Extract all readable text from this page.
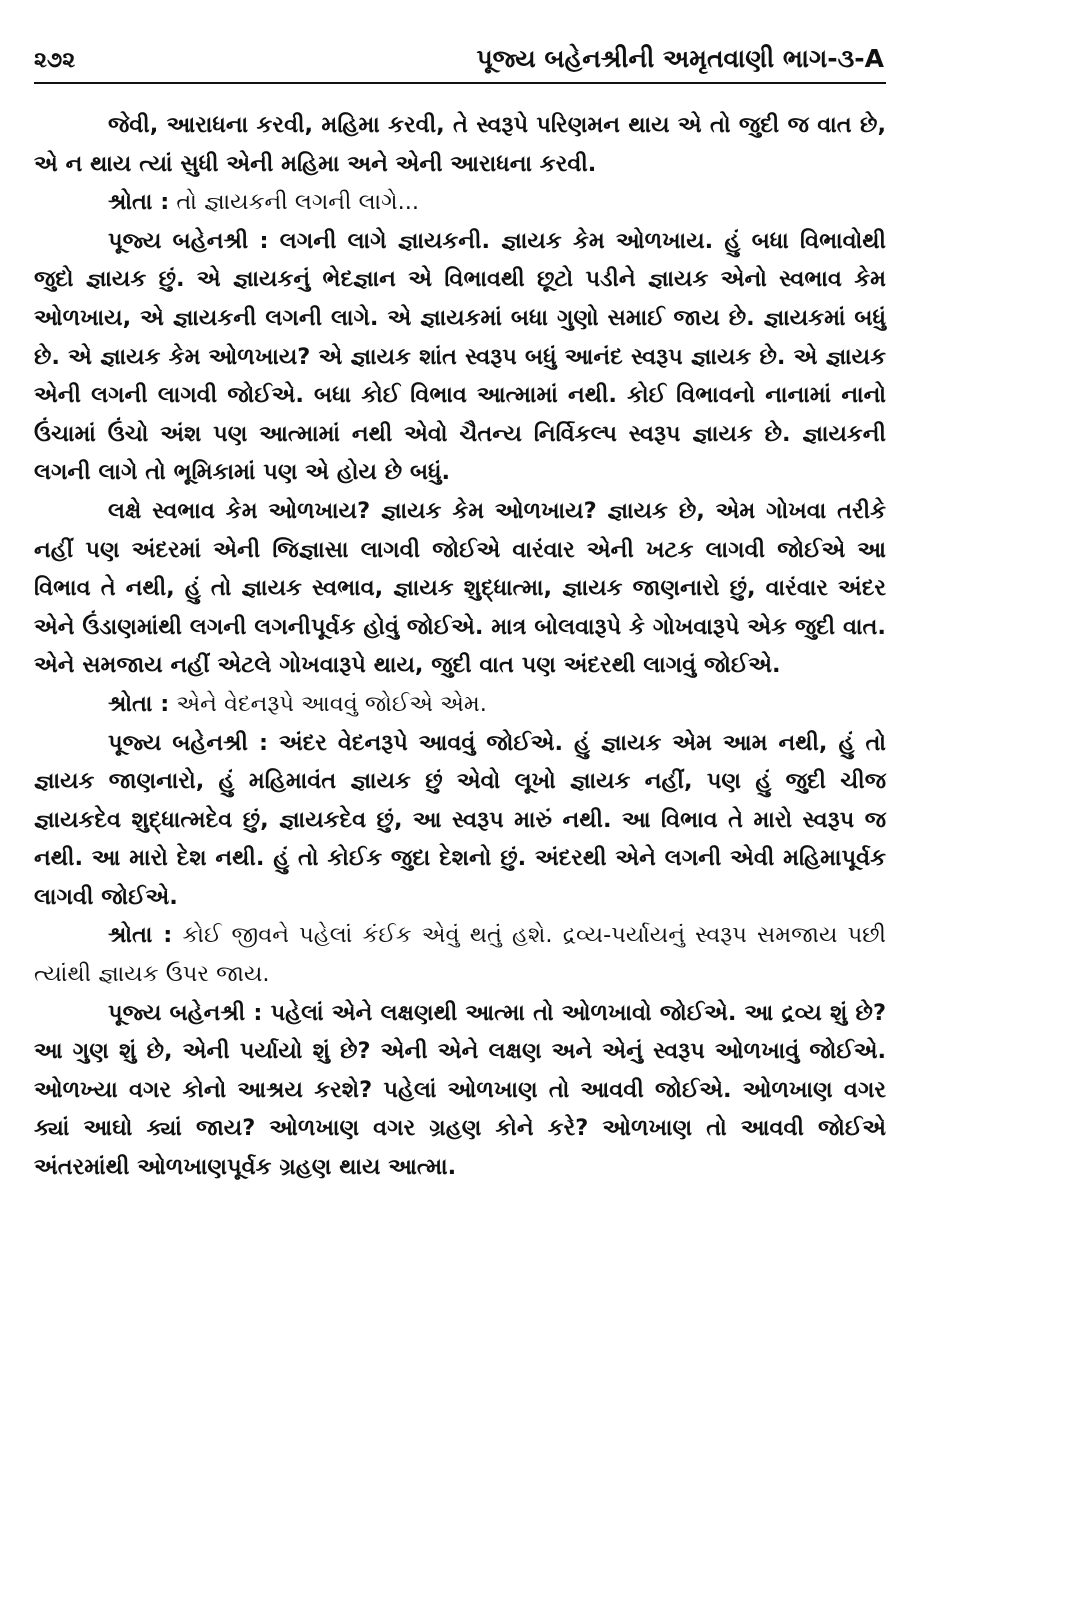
૨૭૨	પૂજ્ય બહેનશ્રીની અમૃતવાણી ભાગ-૩-A

જેવી, આરાધના કરવી, મહિમા કરવી, તે સ્વરૂપે પરિણમન થાય એ તો જુદી જ વાત છે, એ ન થાય ત્યાં સુધી એની મહિમા અને એની આરાધના કરવી.

શ્રોતા : તો જ્ઞાયકની લગની લાગે...

પૂજ્ય બહેનશ્રી : લગની લાગે જ્ઞાયકની. જ્ઞાયક કેમ ઓળખાય. હું બધા વિભાવોથી જુદો જ્ઞાયક છું. એ જ્ઞાયકનું ભેદજ્ઞાન એ વિભાવથી છૂટો પડીને જ્ઞાયક એનો સ્વભાવ કેમ ઓળખાય, એ જ્ઞાયકની લગની લાગે. એ જ્ઞાયકમાં બધા ગુણો સમાઈ જાય છે. જ્ઞાયકમાં બધું છે. એ જ્ઞાયક કેમ ઓળખાય? એ જ્ઞાયક શાંત સ્વરૂપ બધું આનંદ સ્વરૂપ જ્ઞાયક છે. એ જ્ઞાયક એની લગની લાગવી જોઈએ. બધા કોઈ વિભાવ આત્મામાં નથી. કોઈ વિભાવનો નાનામાં નાનો ઉંચામાં ઉંચો અંશ પણ આત્મામાં નથી એવો ચૈતન્ય નિર્વિકલ્પ સ્વરૂપ જ્ઞાયક છે. જ્ઞાયકની લગની લાગે તો ભૂમિકામાં પણ એ હોય છે બધું.

લક્ષે સ્વભાવ કેમ ઓળખાય? જ્ઞાયક કેમ ઓળખાય? જ્ઞાયક છે, એમ ગોખવા તરીકે નહીં પણ અંદરમાં એની જિજ્ઞાસા લાગવી જોઈએ વારંવાર એની ખટક લાગવી જોઈએ આ વિભાવ તે નથી, હું તો જ્ઞાયક સ્વભાવ, જ્ઞાયક શુદ્ધાત્મા, જ્ઞાયક જાણનારો છું, વારંવાર અંદર એને ઉંડાણમાંથી લગની લગનીપૂર્વક હોવું જોઈએ. માત્ર બોલવારૂપે કે ગોખવારૂપે એક જુદી વાત. એને સમજાય નહીં એટલે ગોખવારૂપે થાય, જુદી વાત પણ અંદરથી લાગવું જોઈએ.

શ્રોતા : એને વેદનરૂપે આવવું જોઈએ એમ.

પૂજ્ય બહેનશ્રી : અંદર વેદનરૂપે આવવું જોઈએ. હું જ્ઞાયક એમ આમ નથી, હું તો જ્ઞાયક જાણનારો, હું મહિમાવંત જ્ઞાયક છું એવો લૂખો જ્ઞાયક નહીં, પણ હું જુદી ચીજ જ્ઞાયકદેવ શુદ્ધાત્મદેવ છું, જ્ઞાયકદેવ છું, આ સ્વરૂપ મારું નથી. આ વિભાવ તે મારો સ્વરૂપ જ નથી. આ મારો દેશ નથી. હું તો કોઈક જુદા દેશનો છું. અંદરથી એને લગની એવી મહિમાપૂર્વક લાગવી જોઈએ.

શ્રોતા : કોઈ જીવને પહેલાં કંઈક એવું થતું હશે. દ્રવ્ય-પર્યાયનું સ્વરૂપ સમજાય પછી ત્યાંથી જ્ઞાયક ઉપર જાય.

પૂજ્ય બહેનશ્રી : પહેલાં એને લક્ષણથી આત્મા તો ઓળખાવો જોઈએ. આ દ્રવ્ય શું છે? આ ગુણ શું છે, એની પર્યાયો શું છે? એની એને લક્ષણ અને એનું સ્વરૂપ ઓળખાવું જોઈએ. ઓળખ્યા વગર કોનો આશ્રય કરશે? પહેલાં ઓળખાણ તો આવવી જોઈએ. ઓળખાણ વગર ક્યાં આઘો ક્યાં જાય? ઓળખાણ વગર ગ્રહણ કોને કરે? ઓળખાણ તો આવવી જોઈએ અંતરમાંથી ઓળખાણપૂર્વક ગ્રહણ થાય આત્મા.
